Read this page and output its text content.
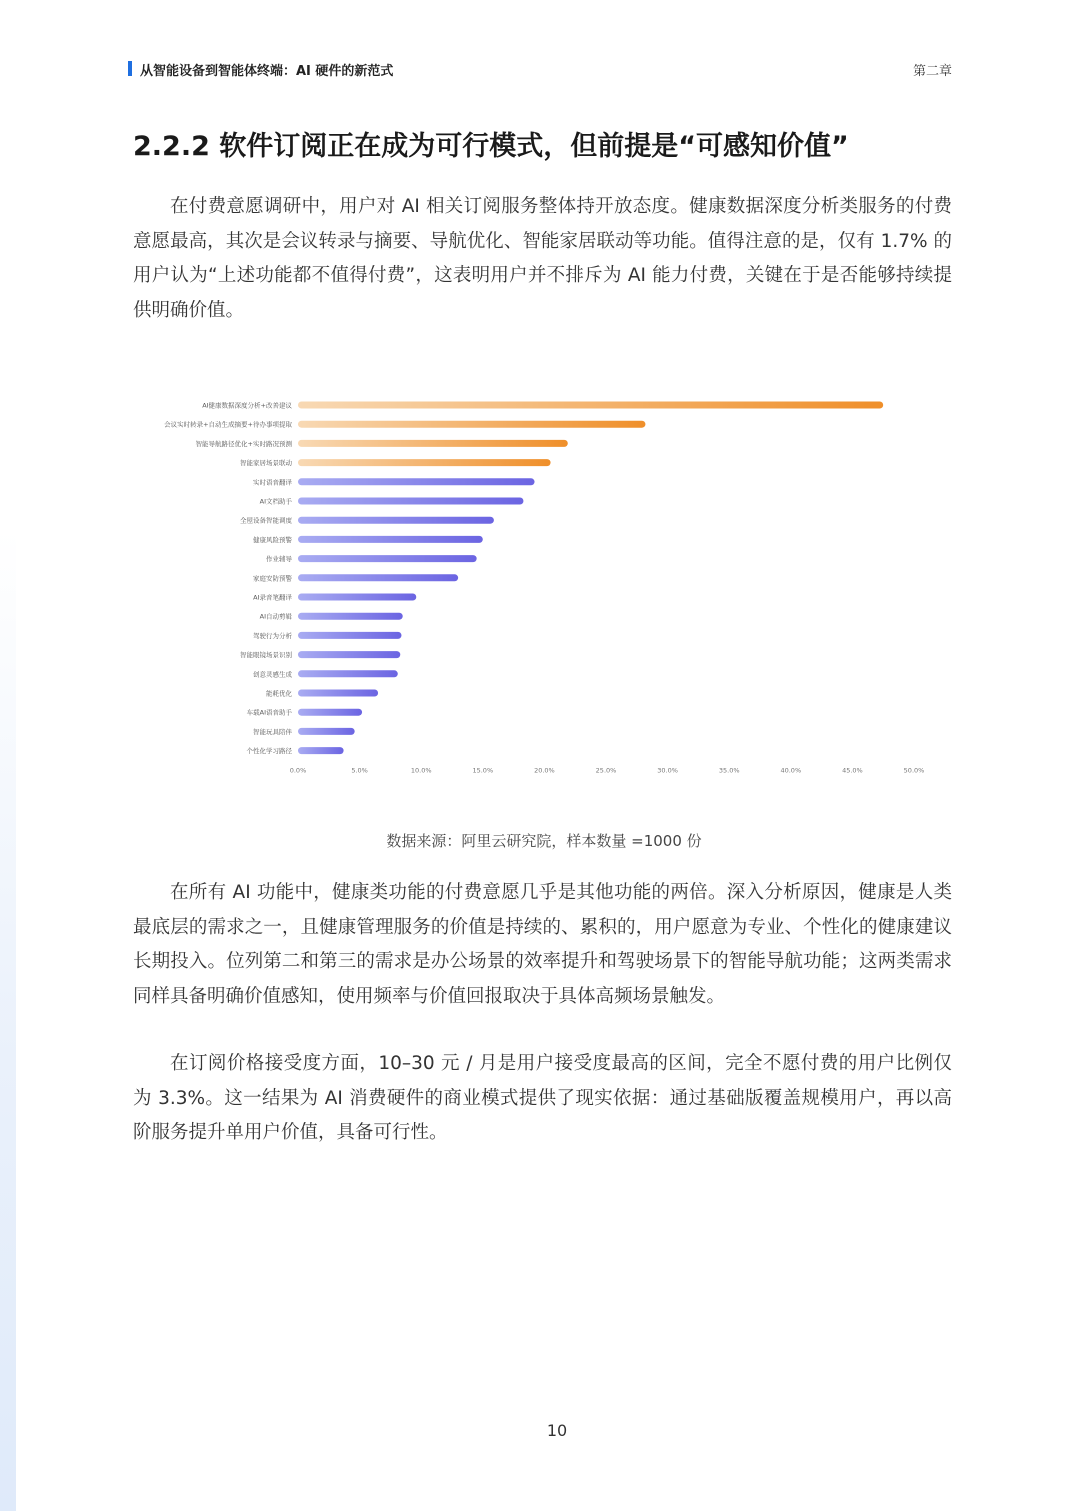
从智能设备到智能体终端：AI 硬件的新范式	第二章
2.2.2 软件订阅正在成为可行模式，但前提是“可感知价值”

在付费意愿调研中，用户对 AI 相关订阅服务整体持开放态度。健康数据深度分析类服务的付费意愿最高，其次是会议转录与摘要、导航优化、智能家居联动等功能。值得注意的是，仅有 1.7% 的用户认为“上述功能都不值得付费”，这表明用户并不排斥为 AI 能力付费，关键在于是否能够持续提供明确价值。

AI健康数据深度分析+改善建议
会议实时转录+自动生成摘要+待办事项提取
智能导航路径优化+实时路况预测
智能家居场景联动
实时语音翻译
AI文档助手
全屋设备智能调度
健康风险预警
作业辅导
家庭安防预警
AI录音笔翻译
AI自动剪辑
驾驶行为分析
智能眼镜场景识别
创意灵感生成
能耗优化
车载AI语音助手
智能玩具陪伴
个性化学习路径
0.0%	5.0%	10.0%	15.0%	20.0%	25.0%	30.0%	35.0%	40.0%	45.0%	50.0%

在所有 AI 功能中，健康类功能的付费意愿几乎是其他功能的两倍。深入分析原因，健康是人类最底层的需求之一，且健康管理服务的价值是持续的、累积的，用户愿意为专业、个性化的健康建议长期投入。位列第二和第三的需求是办公场景的效率提升和驾驶场景下的智能导航功能；这两类需求同样具备明确价值感知，使用频率与价值回报取决于具体高频场景触发。

在订阅价格接受度方面，10–30 元 / 月是用户接受度最高的区间，完全不愿付费的用户比例仅为 3.3%。这一结果为 AI 消费硬件的商业模式提供了现实依据：通过基础版覆盖规模用户，再以高阶服务提升单用户价值，具备可行性。

数据来源：阿里云研究院，样本数量 =1000 份
10
